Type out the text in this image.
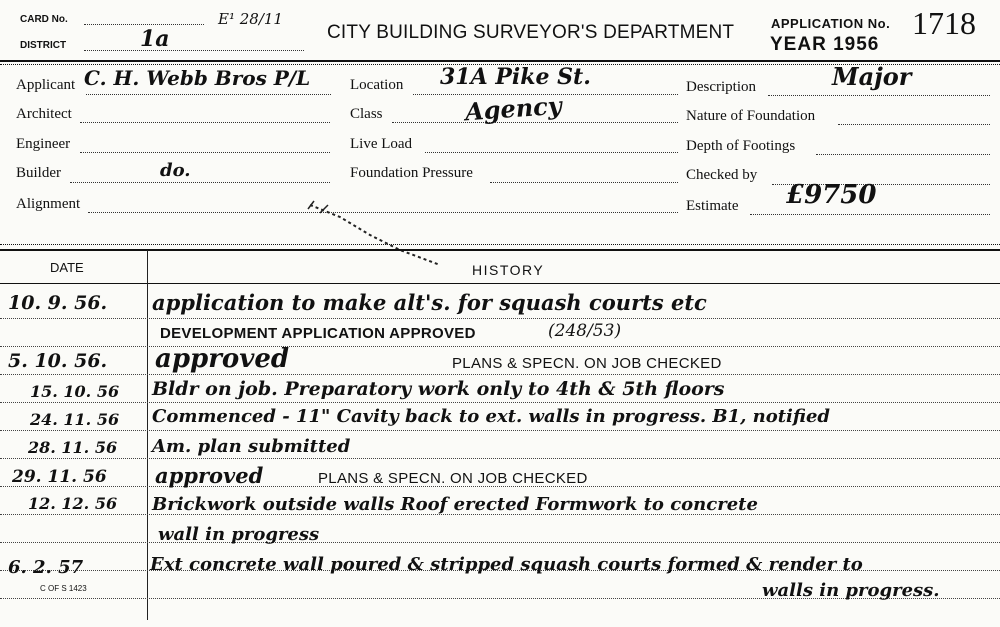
CARD No.
DISTRICT	1a
E¹ 28/11
CITY BUILDING SURVEYOR'S DEPARTMENT	APPLICATION No. 1718
YEAR 1956
Applicant C. H. Webb Bros P/L
Architect
Engineer
Builder	do.
Alignment
Location 31A Pike St.
Class	Agency
Live Load
Foundation Pressure
Description	Major
Nature of Foundation
Depth of Footings
Checked by
Estimate £9750
DATE	HISTORY
10. 9. 56. application to make alt's. for squash courts etc
DEVELOPMENT APPLICATION APPROVED	(248/53)
5. 10. 56. approved	PLANS & SPECN. ON JOB CHECKED
15. 10. 56 Bldr on job. Preparatory work only to 4th & 5th floors
24. 11. 56 Commenced - 11" Cavity back to ext. walls in progress. B1, notified
28. 11. 56 Am. plan submitted
29. 11. 56 approved	PLANS & SPECN. ON JOB CHECKED
12. 12. 56 Brickwork outside walls Roof erected Formwork to concrete
wall in progress
6. 2. 57	Ext concrete wall poured & stripped squash courts formed & render to
walls in progress.
C OF S 1423
